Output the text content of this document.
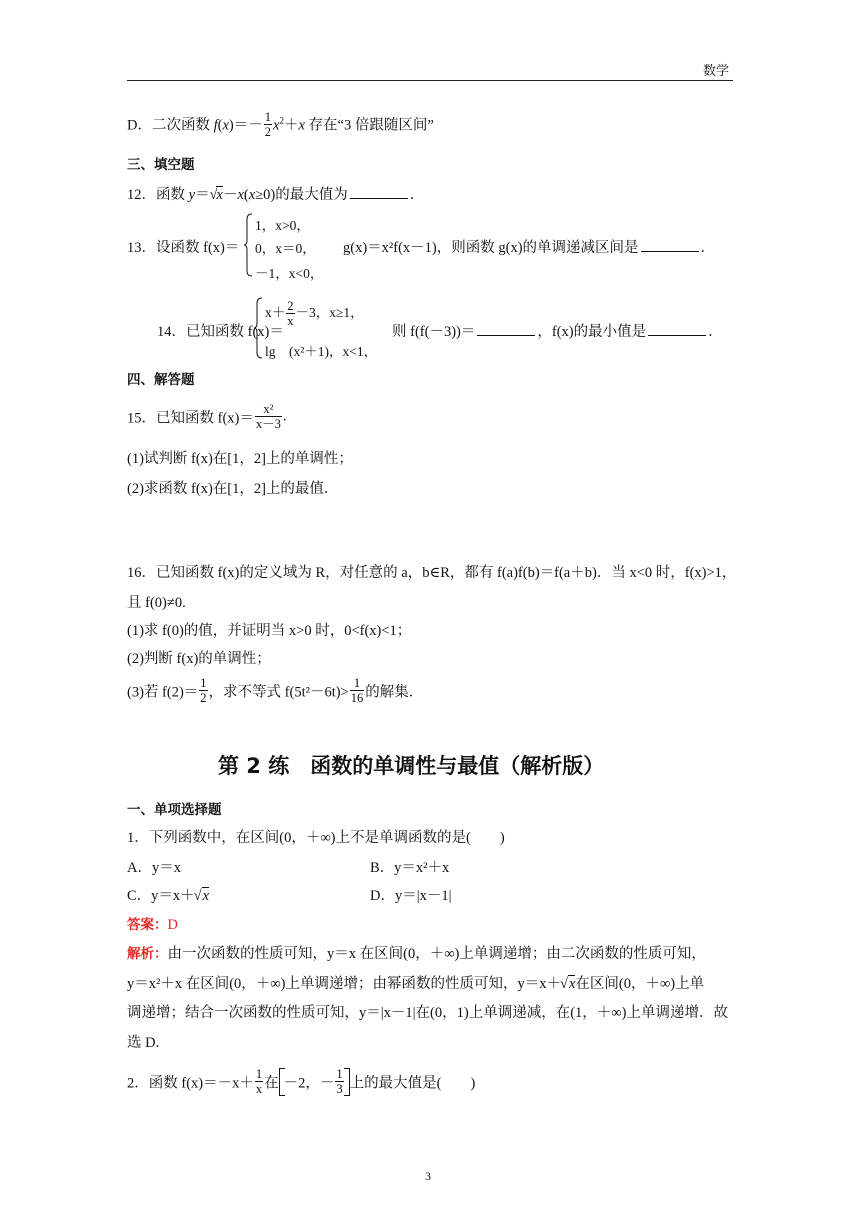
数学
D．二次函数 $f(x)=- \frac{1}{2} x^2+x$ 存在“3 倍跟随区间”
三、填空题
12．函数 y＝√x－x(x≥0)的最大值为	．
13．设函数 f(x)＝
1，x>0，
0，x＝0，
－1，x<0，
g(x)＝x²f(x－1)，则函数 g(x)的单调递减区间是	．
14．已知函数 f(x)＝
$x+ \frac{2}{x} -3$，x≥1，
lg　(x²＋1)，x<1，
则 f(f(－3))＝	，f(x)的最小值是	．
四、解答题
15．已知函数 $f(x)= \frac{\text{x²}}{x-3}$ .
(1)试判断 f(x)在[1，2]上的单调性；
(2)求函数 f(x)在[1，2]上的最值．
16．已知函数 f(x)的定义域为 R，对任意的 a，b∈R，都有 f(a)f(b)＝f(a＋b)．当 x<0 时，f(x)>1，
且 f(0)≠0.
(1)求 f(0)的值，并证明当 x>0 时，0<f(x)<1；
(2)判断 f(x)的单调性；
(3)若 $f(2)= \frac{1}{2}$ ，求不等式 $f(5t^2-6t)> \frac{1}{16}$ 的解集．
第 2 练　函数的单调性与最值（解析版）
一、单项选择题
1．下列函数中，在区间(0，＋∞)上不是单调函数的是(　　)
A．y＝x	B．y＝x²＋x
C．y＝x＋√x	D．y＝|x－1|
答案：D
解析：由一次函数的性质可知，y＝x 在区间(0，＋∞)上单调递增；由二次函数的性质可知，
y＝x²＋x 在区间(0，＋∞)上单调递增；由幂函数的性质可知，y＝x＋√x在区间(0，＋∞)上单
调递增；结合一次函数的性质可知，y＝|x－1|在(0，1)上单调递减，在(1，＋∞)上单调递增．故
选 D.
2．函数 $f(x)=-x+ \frac{1}{x}$ 在 －2，－ $\frac{1}{3}$ 上的最大值是(　　)
3
